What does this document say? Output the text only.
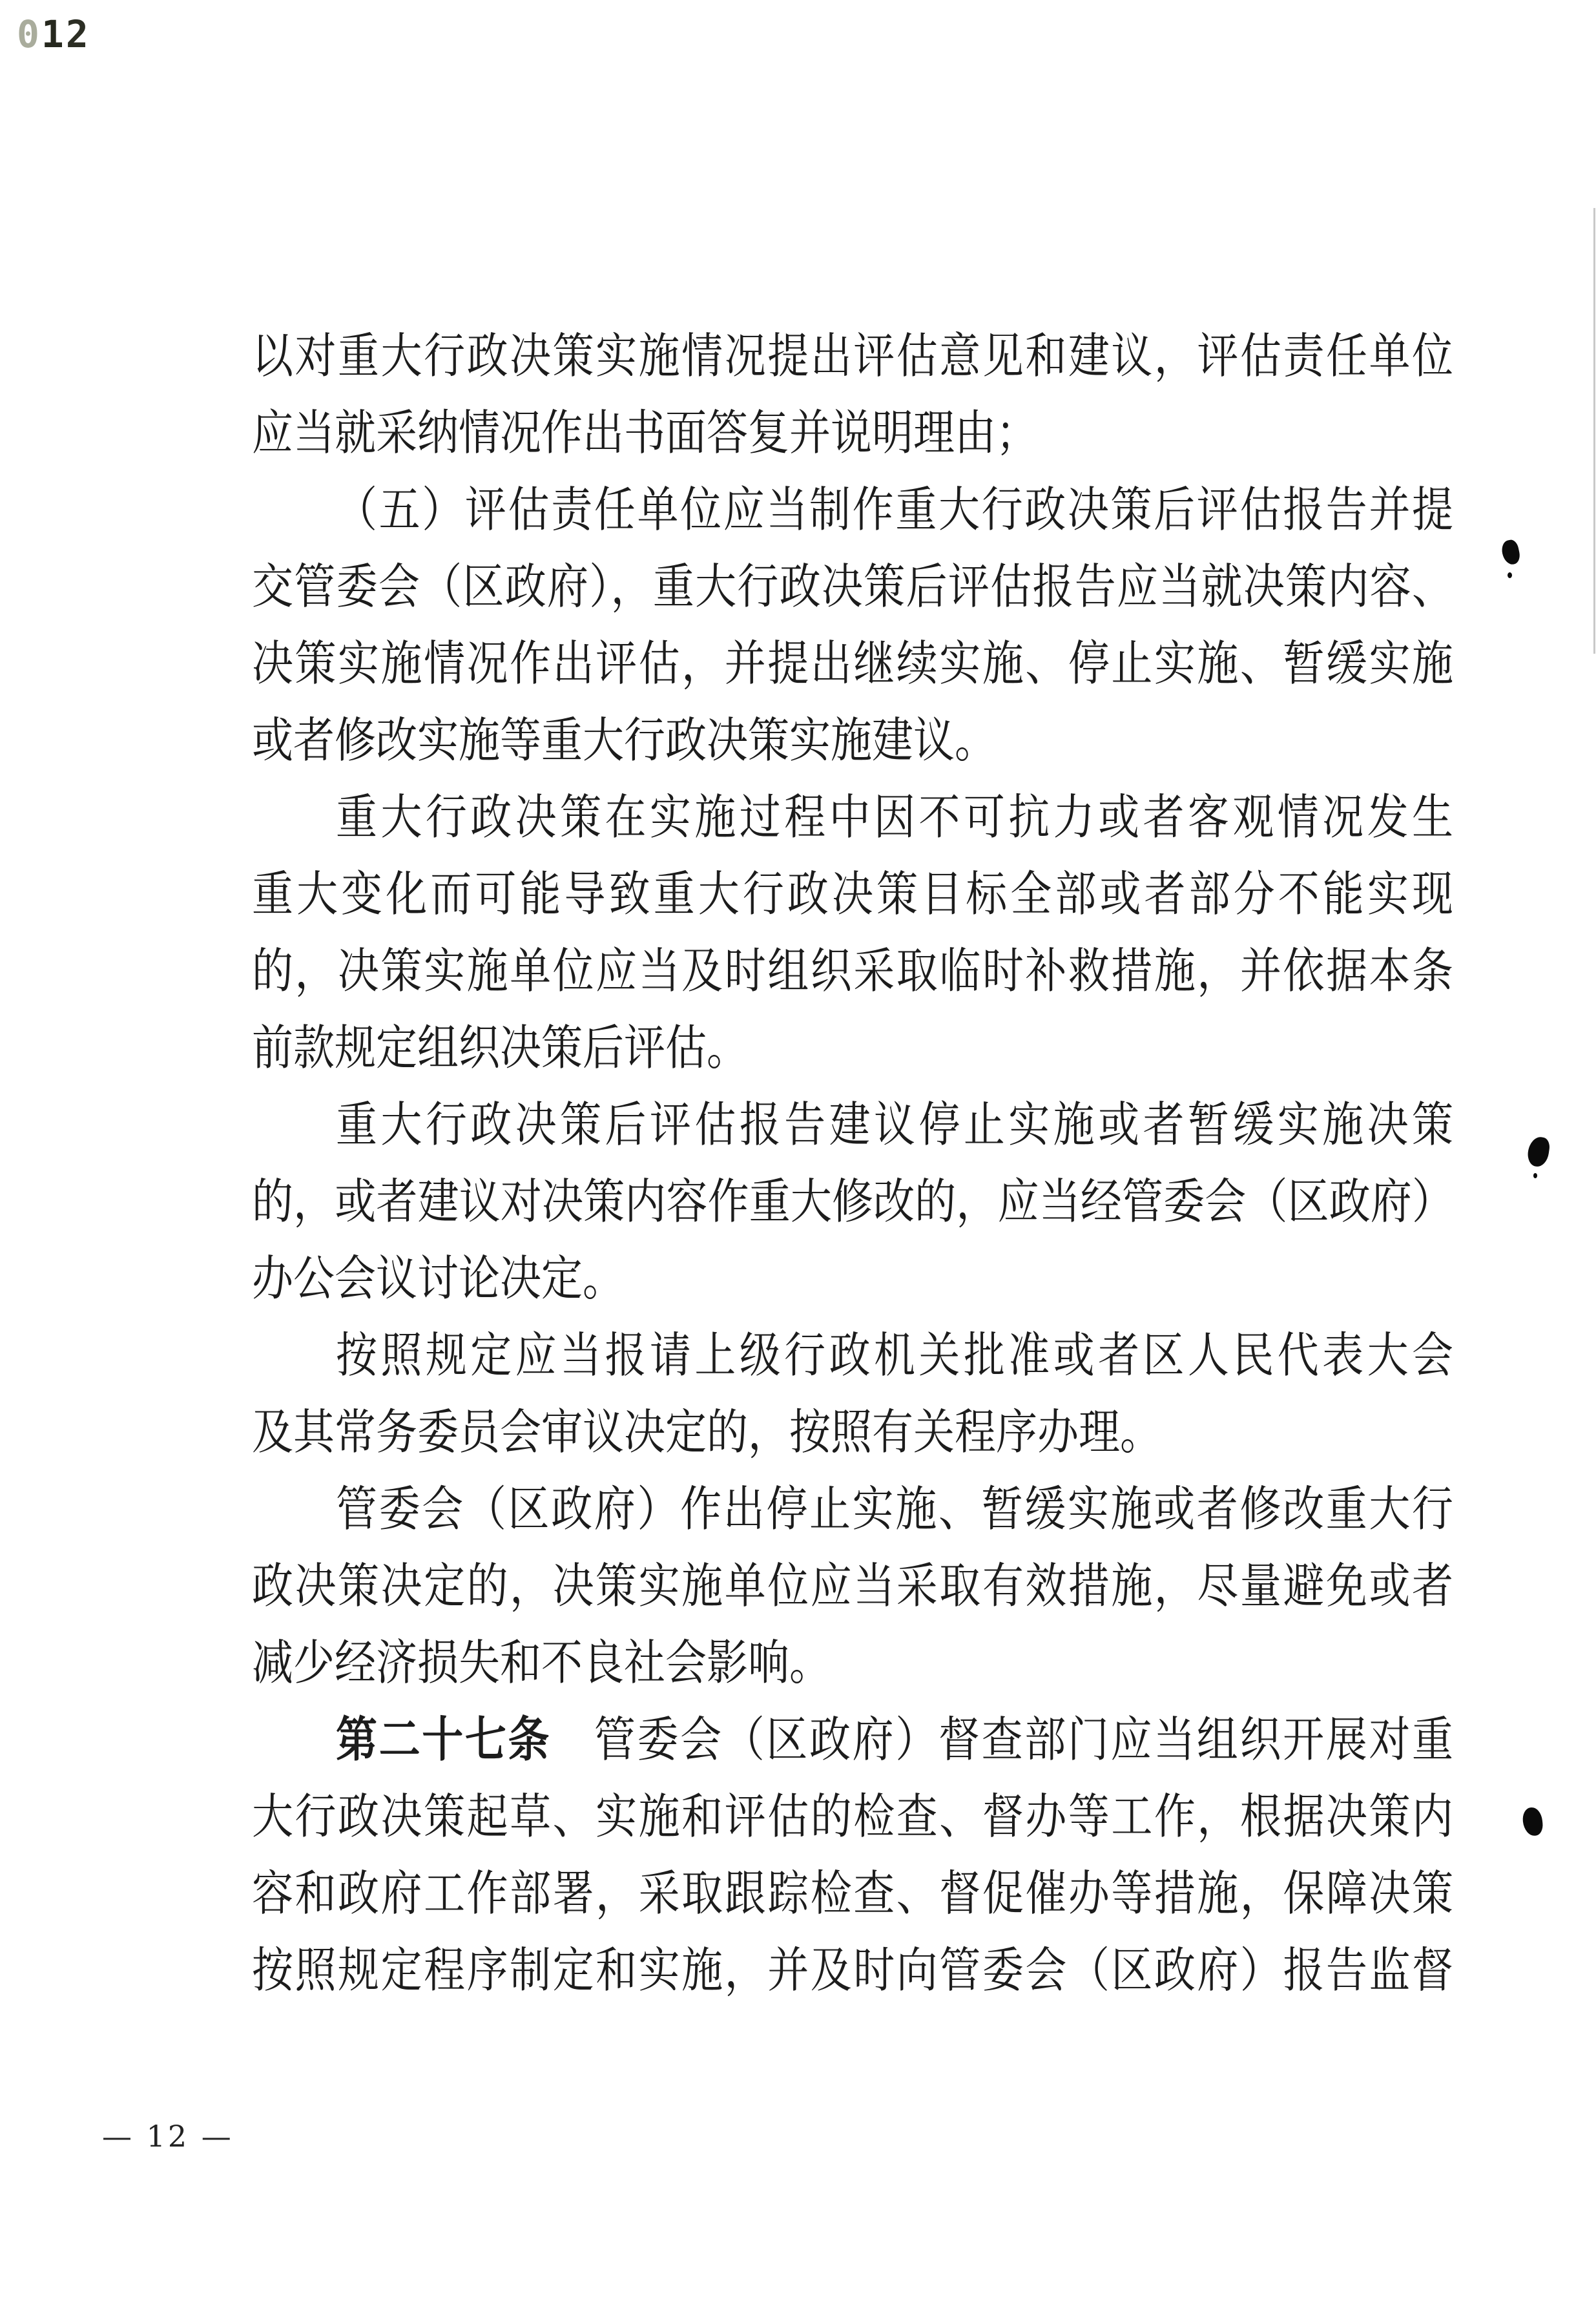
012
以对重大行政决策实施情况提出评估意见和建议，评估责任单位
应当就采纳情况作出书面答复并说明理由；
（五）评估责任单位应当制作重大行政决策后评估报告并提
交管委会（区政府），重大行政决策后评估报告应当就决策内容、
决策实施情况作出评估，并提出继续实施、停止实施、暂缓实施
或者修改实施等重大行政决策实施建议。
重大行政决策在实施过程中因不可抗力或者客观情况发生
重大变化而可能导致重大行政决策目标全部或者部分不能实现
的，决策实施单位应当及时组织采取临时补救措施，并依据本条
前款规定组织决策后评估。
重大行政决策后评估报告建议停止实施或者暂缓实施决策
的，或者建议对决策内容作重大修改的，应当经管委会（区政府）
办公会议讨论决定。
按照规定应当报请上级行政机关批准或者区人民代表大会
及其常务委员会审议决定的，按照有关程序办理。
管委会（区政府）作出停止实施、暂缓实施或者修改重大行
政决策决定的，决策实施单位应当采取有效措施，尽量避免或者
减少经济损失和不良社会影响。
第二十七条　管委会（区政府）督查部门应当组织开展对重
大行政决策起草、实施和评估的检查、督办等工作，根据决策内
容和政府工作部署，采取跟踪检查、督促催办等措施，保障决策
按照规定程序制定和实施，并及时向管委会（区政府）报告监督
— 12 —
